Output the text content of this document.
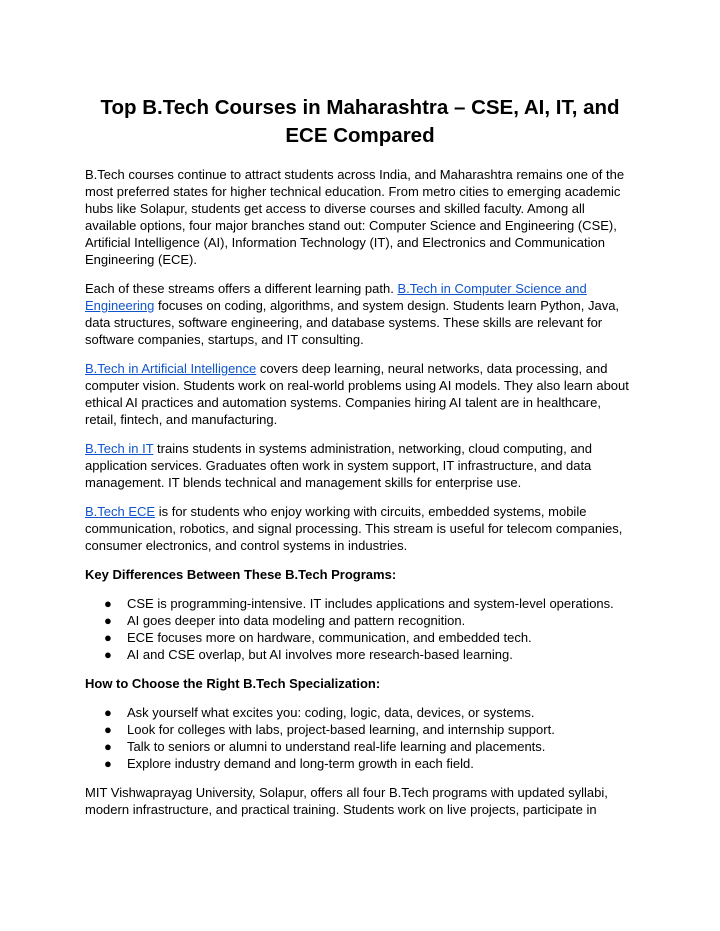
Top B.Tech Courses in Maharashtra – CSE, AI, IT, and ECE Compared

B.Tech courses continue to attract students across India, and Maharashtra remains one of the most preferred states for higher technical education. From metro cities to emerging academic hubs like Solapur, students get access to diverse courses and skilled faculty. Among all available options, four major branches stand out: Computer Science and Engineering (CSE), Artificial Intelligence (AI), Information Technology (IT), and Electronics and Communication Engineering (ECE).

Each of these streams offers a different learning path. B.Tech in Computer Science and Engineering focuses on coding, algorithms, and system design. Students learn Python, Java, data structures, software engineering, and database systems. These skills are relevant for software companies, startups, and IT consulting.

B.Tech in Artificial Intelligence covers deep learning, neural networks, data processing, and computer vision. Students work on real-world problems using AI models. They also learn about ethical AI practices and automation systems. Companies hiring AI talent are in healthcare, retail, fintech, and manufacturing.

B.Tech in IT trains students in systems administration, networking, cloud computing, and application services. Graduates often work in system support, IT infrastructure, and data management. IT blends technical and management skills for enterprise use.

B.Tech ECE is for students who enjoy working with circuits, embedded systems, mobile communication, robotics, and signal processing. This stream is useful for telecom companies, consumer electronics, and control systems in industries.

Key Differences Between These B.Tech Programs:

● CSE is programming-intensive. IT includes applications and system-level operations.
● AI goes deeper into data modeling and pattern recognition.
● ECE focuses more on hardware, communication, and embedded tech.
● AI and CSE overlap, but AI involves more research-based learning.

How to Choose the Right B.Tech Specialization:

● Ask yourself what excites you: coding, logic, data, devices, or systems.
● Look for colleges with labs, project-based learning, and internship support.
● Talk to seniors or alumni to understand real-life learning and placements.
● Explore industry demand and long-term growth in each field.

MIT Vishwaprayag University, Solapur, offers all four B.Tech programs with updated syllabi, modern infrastructure, and practical training. Students work on live projects, participate in
